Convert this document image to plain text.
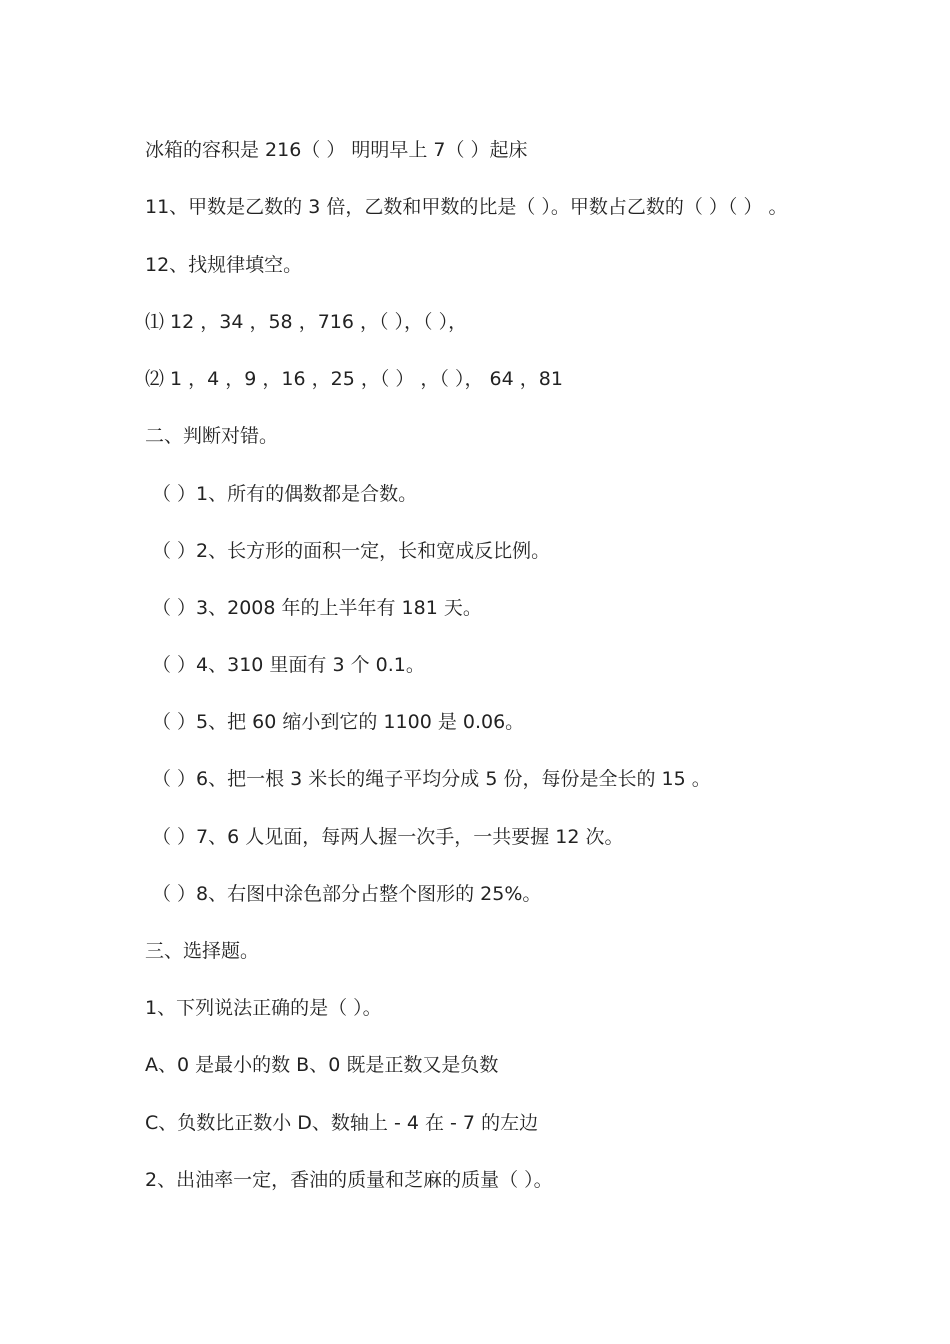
冰箱的容积是 216（ ） 明明早上 7（ ）起床
11、甲数是乙数的 3 倍，乙数和甲数的比是（ ）。甲数占乙数的（ ）（ ） 。
12、找规律填空。
⑴ 12 ，34 ，58 ，716 ，（ ），（ ），
⑵ 1 ，4 ，9 ，16 ，25 ，（ ） ，（ ）， 64 ，81
二、判断对错。
（ ）1、所有的偶数都是合数。
（ ）2、长方形的面积一定，长和宽成反比例。
（ ）3、2008 年的上半年有 181 天。
（ ）4、310 里面有 3 个 0.1。
（ ）5、把 60 缩小到它的 1100 是 0.06。
（ ）6、把一根 3 米长的绳子平均分成 5 份，每份是全长的 15 。
（ ）7、6 人见面，每两人握一次手，一共要握 12 次。
（ ）8、右图中涂色部分占整个图形的 25%。
三、选择题。
1、下列说法正确的是（ ）。
A、0 是最小的数 B、0 既是正数又是负数
C、负数比正数小 D、数轴上 - 4 在 - 7 的左边
2、出油率一定，香油的质量和芝麻的质量（ ）。
